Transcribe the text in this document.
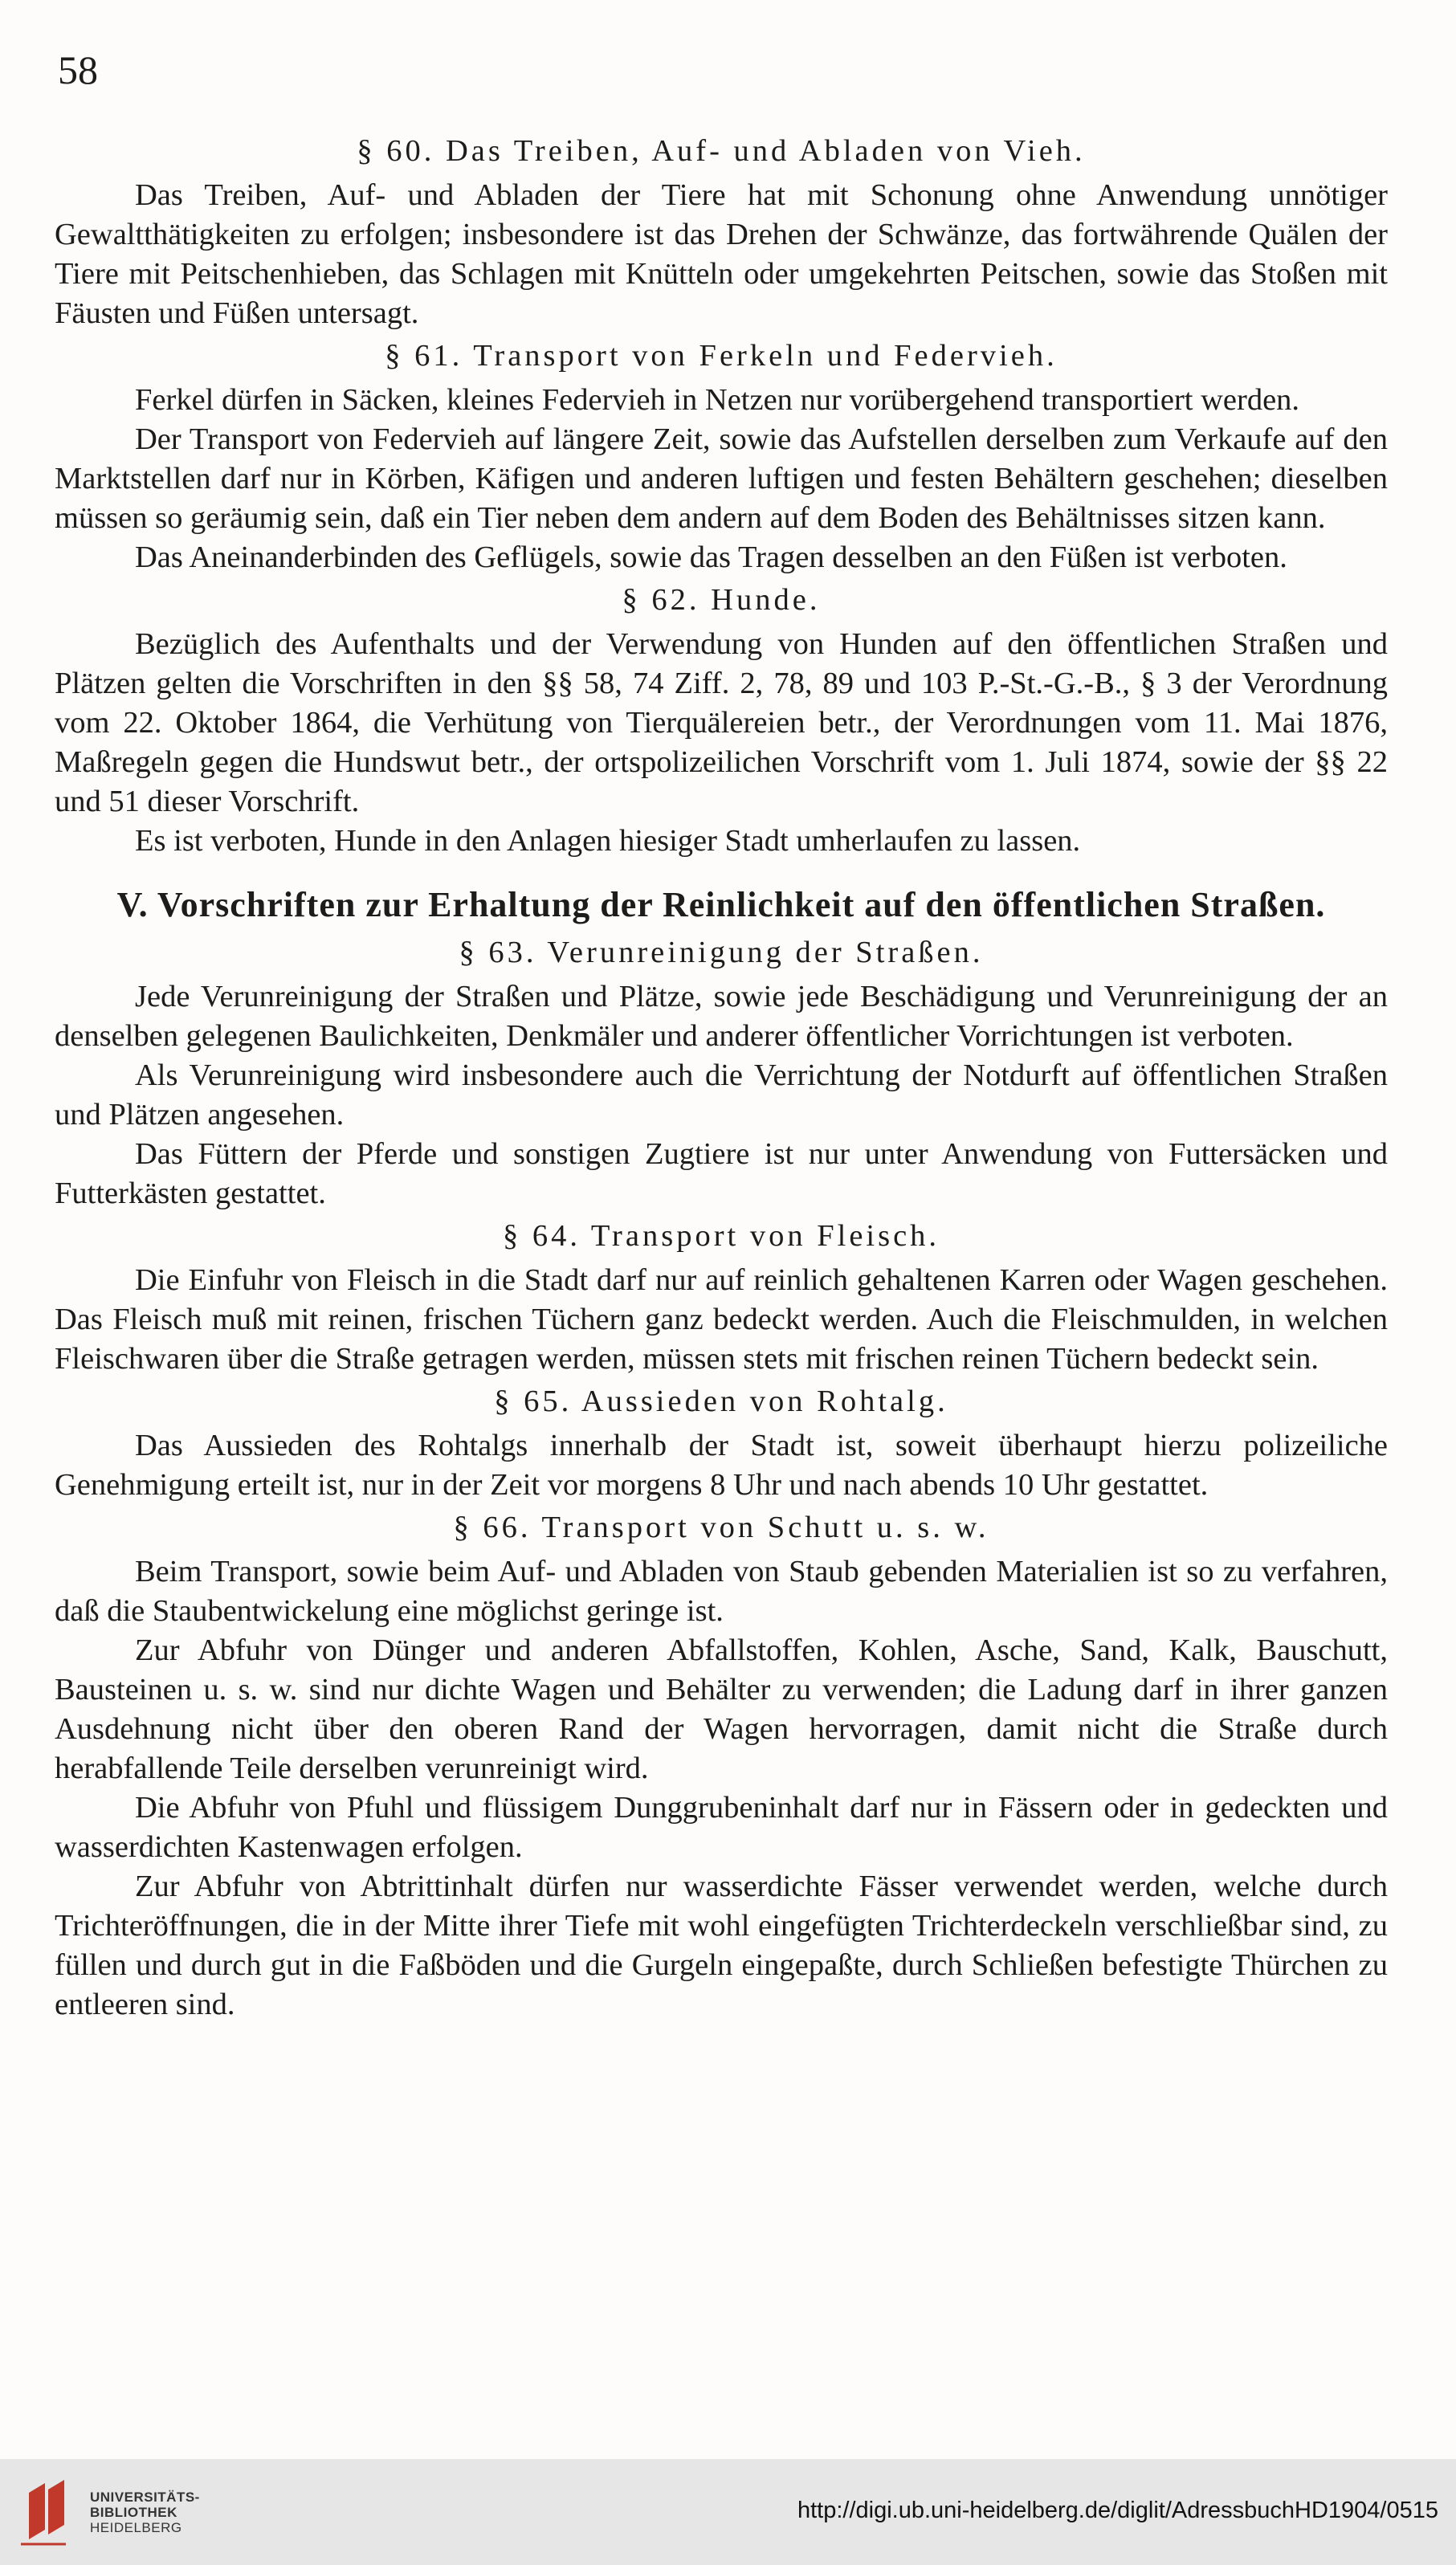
58
§ 60. Das Treiben, Auf- und Abladen von Vieh.

Das Treiben, Auf- und Abladen der Tiere hat mit Schonung ohne Anwendung unnötiger Gewaltthätigkeiten zu erfolgen; insbesondere ist das Drehen der Schwänze, das fortwährende Quälen der Tiere mit Peitschenhieben, das Schlagen mit Knütteln oder umgekehrten Peitschen, sowie das Stoßen mit Fäusten und Füßen untersagt.

§ 61. Transport von Ferkeln und Federvieh.

Ferkel dürfen in Säcken, kleines Federvieh in Netzen nur vorübergehend transportiert werden.

Der Transport von Federvieh auf längere Zeit, sowie das Aufstellen derselben zum Verkaufe auf den Marktstellen darf nur in Körben, Käfigen und anderen luftigen und festen Behältern geschehen; dieselben müssen so geräumig sein, daß ein Tier neben dem andern auf dem Boden des Behältnisses sitzen kann.

Das Aneinanderbinden des Geflügels, sowie das Tragen desselben an den Füßen ist verboten.

§ 62. Hunde.

Bezüglich des Aufenthalts und der Verwendung von Hunden auf den öffentlichen Straßen und Plätzen gelten die Vorschriften in den §§ 58, 74 Ziff. 2, 78, 89 und 103 P.-St.-G.-B., § 3 der Verordnung vom 22. Oktober 1864, die Verhütung von Tierquälereien betr., der Verordnungen vom 11. Mai 1876, Maßregeln gegen die Hundswut betr., der ortspolizeilichen Vorschrift vom 1. Juli 1874, sowie der §§ 22 und 51 dieser Vorschrift.

Es ist verboten, Hunde in den Anlagen hiesiger Stadt umherlaufen zu lassen.

V. Vorschriften zur Erhaltung der Reinlichkeit auf den öffentlichen Straßen.
§ 63. Verunreinigung der Straßen.

Jede Verunreinigung der Straßen und Plätze, sowie jede Beschädigung und Verunreinigung der an denselben gelegenen Baulichkeiten, Denkmäler und anderer öffentlicher Vorrichtungen ist verboten.

Als Verunreinigung wird insbesondere auch die Verrichtung der Notdurft auf öffentlichen Straßen und Plätzen angesehen.

Das Füttern der Pferde und sonstigen Zugtiere ist nur unter Anwendung von Futtersäcken und Futterkästen gestattet.

§ 64. Transport von Fleisch.

Die Einfuhr von Fleisch in die Stadt darf nur auf reinlich gehaltenen Karren oder Wagen geschehen. Das Fleisch muß mit reinen, frischen Tüchern ganz bedeckt werden. Auch die Fleischmulden, in welchen Fleischwaren über die Straße getragen werden, müssen stets mit frischen reinen Tüchern bedeckt sein.

§ 65. Aussieden von Rohtalg.

Das Aussieden des Rohtalgs innerhalb der Stadt ist, soweit überhaupt hierzu polizeiliche Genehmigung erteilt ist, nur in der Zeit vor morgens 8 Uhr und nach abends 10 Uhr gestattet.

§ 66. Transport von Schutt u. s. w.

Beim Transport, sowie beim Auf- und Abladen von Staub gebenden Materialien ist so zu verfahren, daß die Staubentwickelung eine möglichst geringe ist.

Zur Abfuhr von Dünger und anderen Abfallstoffen, Kohlen, Asche, Sand, Kalk, Bauschutt, Bausteinen u. s. w. sind nur dichte Wagen und Behälter zu verwenden; die Ladung darf in ihrer ganzen Ausdehnung nicht über den oberen Rand der Wagen hervorragen, damit nicht die Straße durch herabfallende Teile derselben verunreinigt wird.

Die Abfuhr von Pfuhl und flüssigem Dunggrubeninhalt darf nur in Fässern oder in gedeckten und wasserdichten Kastenwagen erfolgen.

Zur Abfuhr von Abtrittinhalt dürfen nur wasserdichte Fässer verwendet werden, welche durch Trichteröffnungen, die in der Mitte ihrer Tiefe mit wohl eingefügten Trichterdeckeln verschließbar sind, zu füllen und durch gut in die Faßböden und die Gurgeln eingepaßte, durch Schließen befestigte Thürchen zu entleeren sind.

UNIVERSITÄTS-
BIBLIOTHEK
HEIDELBERG
http://digi.ub.uni-heidelberg.de/diglit/AdressbuchHD1904/0515
